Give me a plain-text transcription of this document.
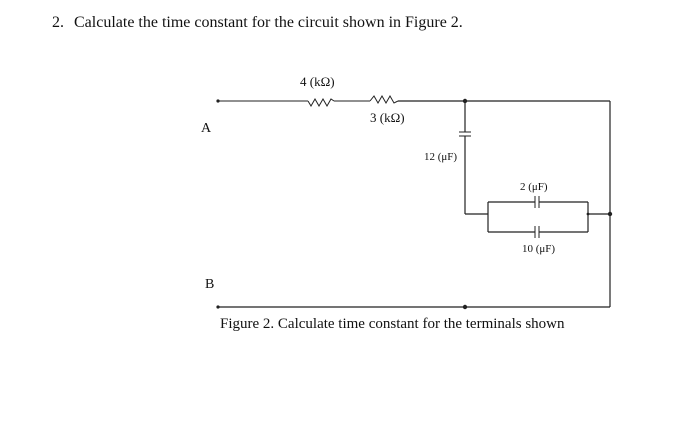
2. Calculate the time constant for the circuit shown in Figure 2.
4 (kΩ)
3 (kΩ)
12 (μF)
2 (μF)
10 (μF)
A
B
Figure 2. Calculate time constant for the terminals shown
